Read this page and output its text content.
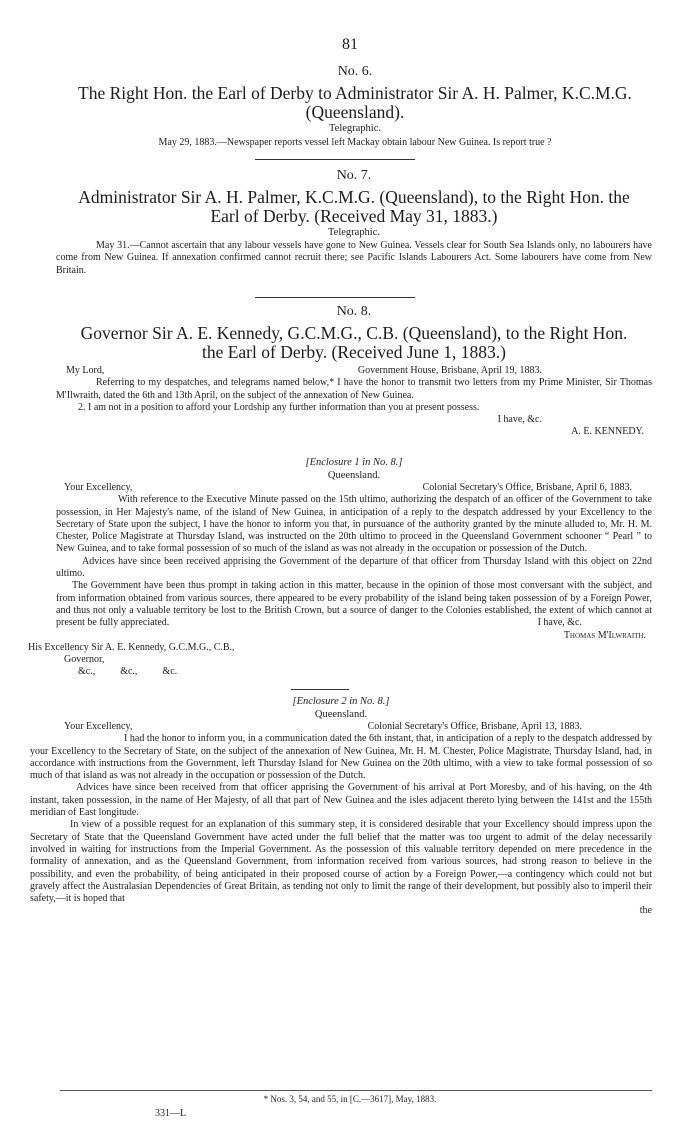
81
No. 6.
The Right Hon. the Earl of Derby to Administrator Sir A. H. Palmer, K.C.M.G.
(Queensland).
Telegraphic.
May 29, 1883.—Newspaper reports vessel left Mackay obtain labour New Guinea. Is report true ?
No. 7.
Administrator Sir A. H. Palmer, K.C.M.G. (Queensland), to the Right Hon. the
Earl of Derby. (Received May 31, 1883.)
Telegraphic.

May 31.—Cannot ascertain that any labour vessels have gone to New Guinea. Vessels clear for South Sea Islands only, no labourers have come from New Guinea. If annexation confirmed cannot recruit there; see Pacific Islands Labourers Act. Some labourers have come from New Britain.

No. 8.
Governor Sir A. E. Kennedy, G.C.M.G., C.B. (Queensland), to the Right Hon.
the Earl of Derby. (Received June 1, 1883.)
My Lord,	Government House, Brisbane, April 19, 1883.

Referring to my despatches, and telegrams named below,* I have the honor to transmit two letters from my Prime Minister, Sir Thomas M'Ilwraith, dated the 6th and 13th April, on the subject of the annexation of New Guinea.

2. I am not in a position to afford your Lordship any further information than you at present possess.

I have, &c.
A. E. KENNEDY.
[Enclosure 1 in No. 8.]
Queensland.
Your Excellency,	Colonial Secretary's Office, Brisbane, April 6, 1883.

With reference to the Executive Minute passed on the 15th ultimo, authorizing the despatch of an officer of the Government to take possession, in Her Majesty's name, of the island of New Guinea, in anticipation of a reply to the despatch addressed by your Excellency to the Secretary of State upon the subject, I have the honor to inform you that, in pursuance of the authority granted by the minute alluded to, Mr. H. M. Chester, Police Magistrate at Thursday Island, was instructed on the 20th ultimo to proceed in the Queensland Government schooner “ Pearl ” to New Guinea, and to take formal possession of so much of the island as was not already in the occupation or possession of the Dutch.

Advices have since been received apprising the Government of the departure of that officer from Thursday Island with this object on 22nd ultimo.

The Government have been thus prompt in taking action in this matter, because in the opinion of those most conversant with the subject, and from information obtained from various sources, there appeared to be every probability of the island being taken possession of by a Foreign Power, and thus not only a valuable territory be lost to the British Crown, but a source of danger to the Colonies established, the extent of which cannot at present be fully appreciated.	I have, &c.
Thomas M'Ilwraith.
His Excellency Sir A. E. Kennedy, G.C.M.G., C.B.,
Governor,
&c.,          &c.,          &c.
[Enclosure 2 in No. 8.]
Queensland.
Your Excellency,	Colonial Secretary's Office, Brisbane, April 13, 1883.

I had the honor to inform you, in a communication dated the 6th instant, that, in anticipation of a reply to the despatch addressed by your Excellency to the Secretary of State, on the subject of the annexation of New Guinea, Mr. H. M. Chester, Police Magistrate, Thursday Island, had, in accordance with instructions from the Government, left Thursday Island for New Guinea on the 20th ultimo, with a view to take formal possession of so much of that island as was not already in the occupation or possession of the Dutch.

Advices have since been received from that officer apprising the Government of his arrival at Port Moresby, and of his having, on the 4th instant, taken possession, in the name of Her Majesty, of all that part of New Guinea and the isles adjacent thereto lying between the 141st and the 155th meridian of East longitude.

In view of a possible request for an explanation of this summary step, it is considered desirable that your Excellency should impress upon the Secretary of State that the Queensland Government have acted under the full belief that the matter was too urgent to admit of the delay necessarily involved in waiting for instructions from the Imperial Government. As the possession of this valuable territory depended on mere precedence in the formality of annexation, and as the Queensland Government, from information received from various sources, had strong reason to believe in the possibility, and even the probability, of being anticipated in their proposed course of action by a Foreign Power,—a contingency which could not but gravely affect the Australasian Dependencies of Great Britain, as tending not only to limit the range of their development, but possibly also to imperil their safety,—it is hoped that

the
* Nos. 3, 54, and 55, in [C.—3617], May, 1883.
331—L
